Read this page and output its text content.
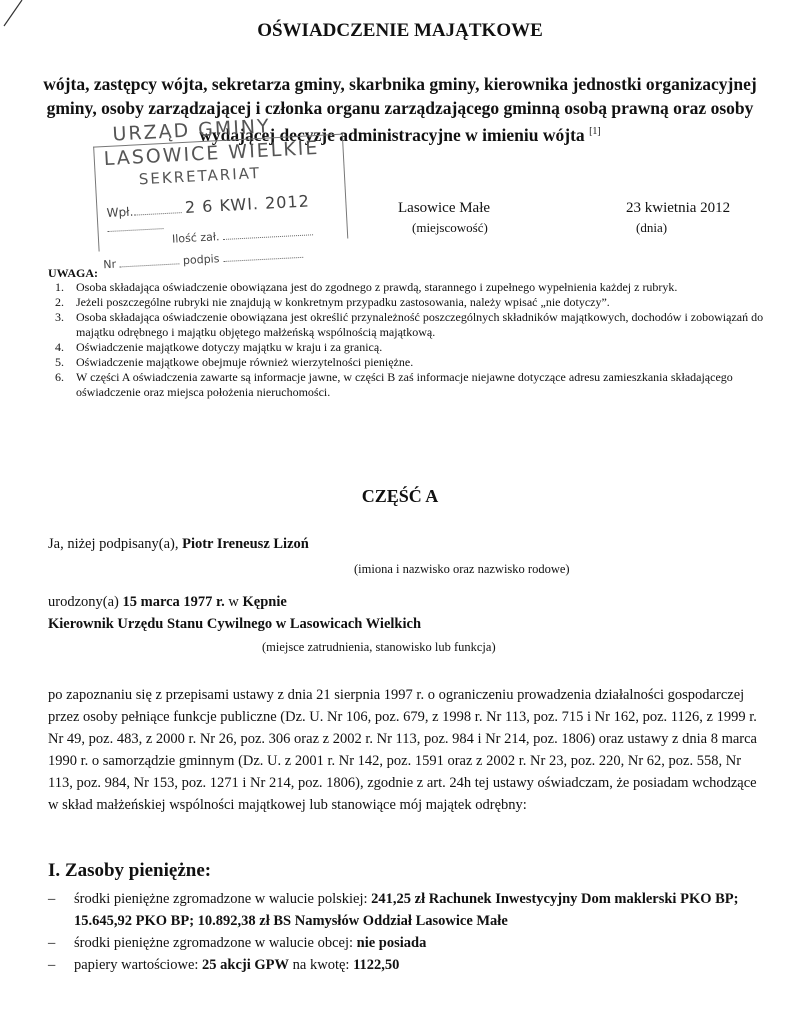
OŚWIADCZENIE MAJĄTKOWE
wójta, zastępcy wójta, sekretarza gminy, skarbnika gminy, kierownika jednostki organizacyjnej gminy, osoby zarządzającej i członka organu zarządzającego gminną osobą prawną oraz osoby wydającej decyzje administracyjne w imieniu wójta [1]
URZĄD GMINY
LASOWICE WIELKIE
SEKRETARIAT
Wpł.	2 6 KWI. 2012
Ilość zał.
Nr	podpis
Lasowice Małe
(miejscowość)
23 kwietnia 2012
(dnia)
UWAGA:
1. Osoba składająca oświadczenie obowiązana jest do zgodnego z prawdą, starannego i zupełnego wypełnienia każdej z rubryk.
2. Jeżeli poszczególne rubryki nie znajdują w konkretnym przypadku zastosowania, należy wpisać „nie dotyczy”.
3. Osoba składająca oświadczenie obowiązana jest określić przynależność poszczególnych składników majątkowych, dochodów i zobowiązań do majątku odrębnego i majątku objętego małżeńską wspólnością majątkową.
4. Oświadczenie majątkowe dotyczy majątku w kraju i za granicą.
5. Oświadczenie majątkowe obejmuje również wierzytelności pieniężne.
6. W części A oświadczenia zawarte są informacje jawne, w części B zaś informacje niejawne dotyczące adresu zamieszkania składającego oświadczenie oraz miejsca położenia nieruchomości.
CZĘŚĆ A
Ja, niżej podpisany(a), Piotr Ireneusz Lizoń
(imiona i nazwisko oraz nazwisko rodowe)
urodzony(a) 15 marca 1977 r. w Kępnie
Kierownik Urzędu Stanu Cywilnego w Lasowicach Wielkich
(miejsce zatrudnienia, stanowisko lub funkcja)
po zapoznaniu się z przepisami ustawy z dnia 21 sierpnia 1997 r. o ograniczeniu prowadzenia działalności gospodarczej przez osoby pełniące funkcje publiczne (Dz. U. Nr 106, poz. 679, z 1998 r. Nr 113, poz. 715 i Nr 162, poz. 1126, z 1999 r. Nr 49, poz. 483, z 2000 r. Nr 26, poz. 306 oraz z 2002 r. Nr 113, poz. 984 i Nr 214, poz. 1806) oraz ustawy z dnia 8 marca 1990 r. o samorządzie gminnym (Dz. U. z 2001 r. Nr 142, poz. 1591 oraz z 2002 r. Nr 23, poz. 220, Nr 62, poz. 558, Nr 113, poz. 984, Nr 153, poz. 1271 i Nr 214, poz. 1806), zgodnie z art. 24h tej ustawy oświadczam, że posiadam wchodzące w skład małżeńskiej wspólności majątkowej lub stanowiące mój majątek odrębny:
I. Zasoby pieniężne:
– środki pieniężne zgromadzone w walucie polskiej: 241,25 zł Rachunek Inwestycyjny Dom maklerski PKO BP; 15.645,92 PKO BP; 10.892,38 zł BS Namysłów Oddział Lasowice Małe
– środki pieniężne zgromadzone w walucie obcej: nie posiada
– papiery wartościowe: 25 akcji GPW na kwotę: 1122,50
